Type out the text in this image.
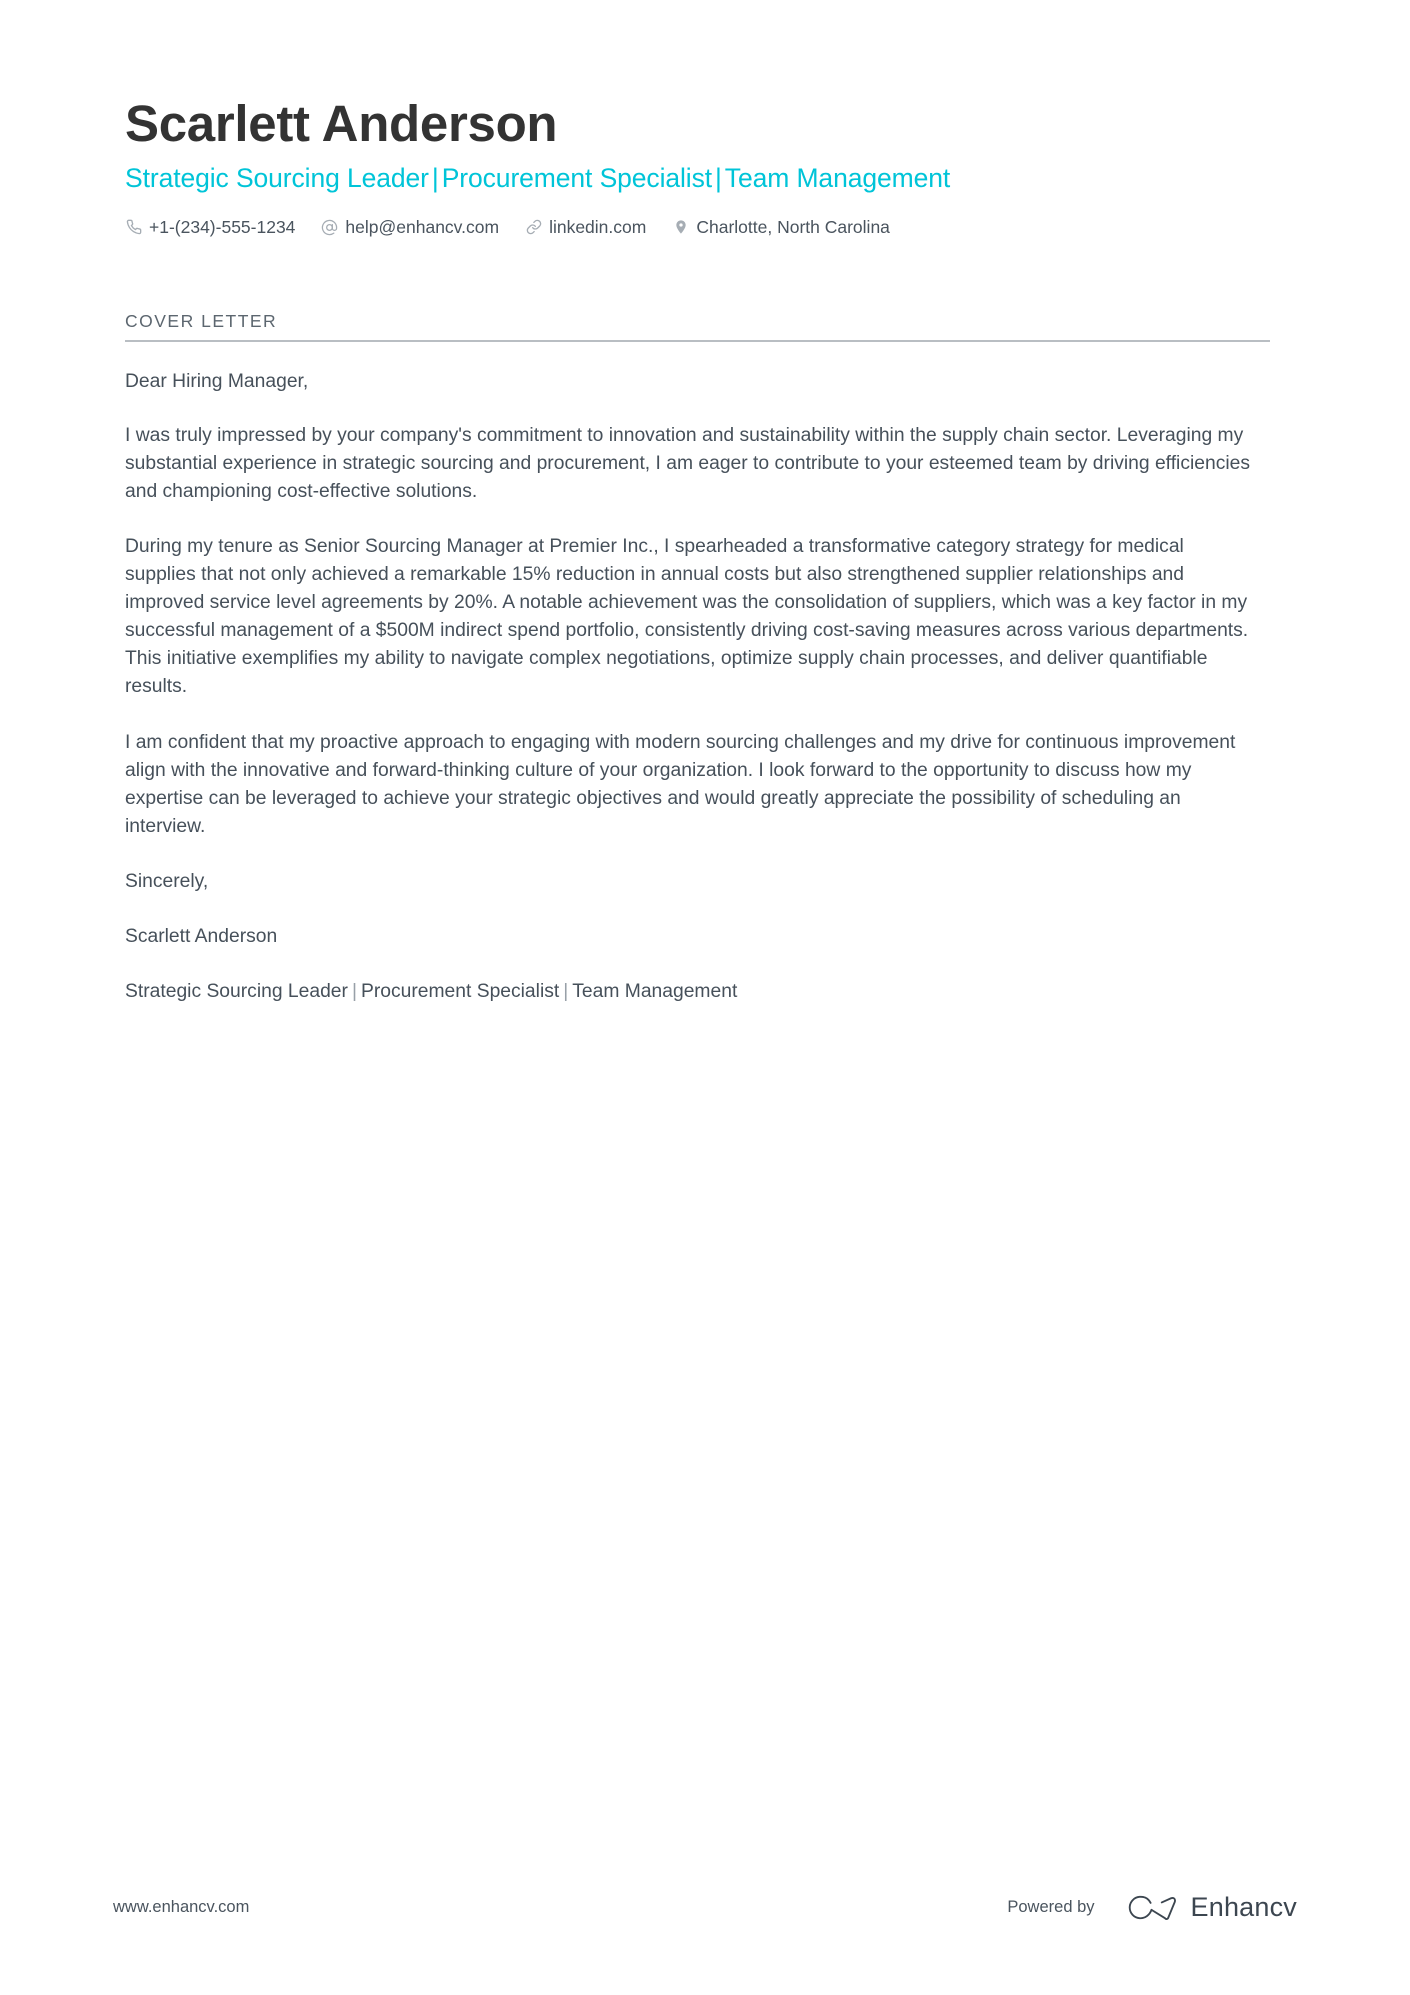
Scarlett Anderson
Strategic Sourcing Leader | Procurement Specialist | Team Management
+1-(234)-555-1234	help@enhancv.com	linkedin.com	Charlotte, North Carolina
COVER LETTER

Dear Hiring Manager,

I was truly impressed by your company's commitment to innovation and sustainability within the supply chain sector. Leveraging my substantial experience in strategic sourcing and procurement, I am eager to contribute to your esteemed team by driving efficiencies and championing cost-effective solutions.

During my tenure as Senior Sourcing Manager at Premier Inc., I spearheaded a transformative category strategy for medical supplies that not only achieved a remarkable 15% reduction in annual costs but also strengthened supplier relationships and improved service level agreements by 20%. A notable achievement was the consolidation of suppliers, which was a key factor in my successful management of a $500M indirect spend portfolio, consistently driving cost-saving measures across various departments. This initiative exemplifies my ability to navigate complex negotiations, optimize supply chain processes, and deliver quantifiable results.

I am confident that my proactive approach to engaging with modern sourcing challenges and my drive for continuous improvement align with the innovative and forward-thinking culture of your organization. I look forward to the opportunity to discuss how my expertise can be leveraged to achieve your strategic objectives and would greatly appreciate the possibility of scheduling an interview.

Sincerely,

Scarlett Anderson

Strategic Sourcing Leader | Procurement Specialist | Team Management

www.enhancv.com	Powered by	Enhancv
